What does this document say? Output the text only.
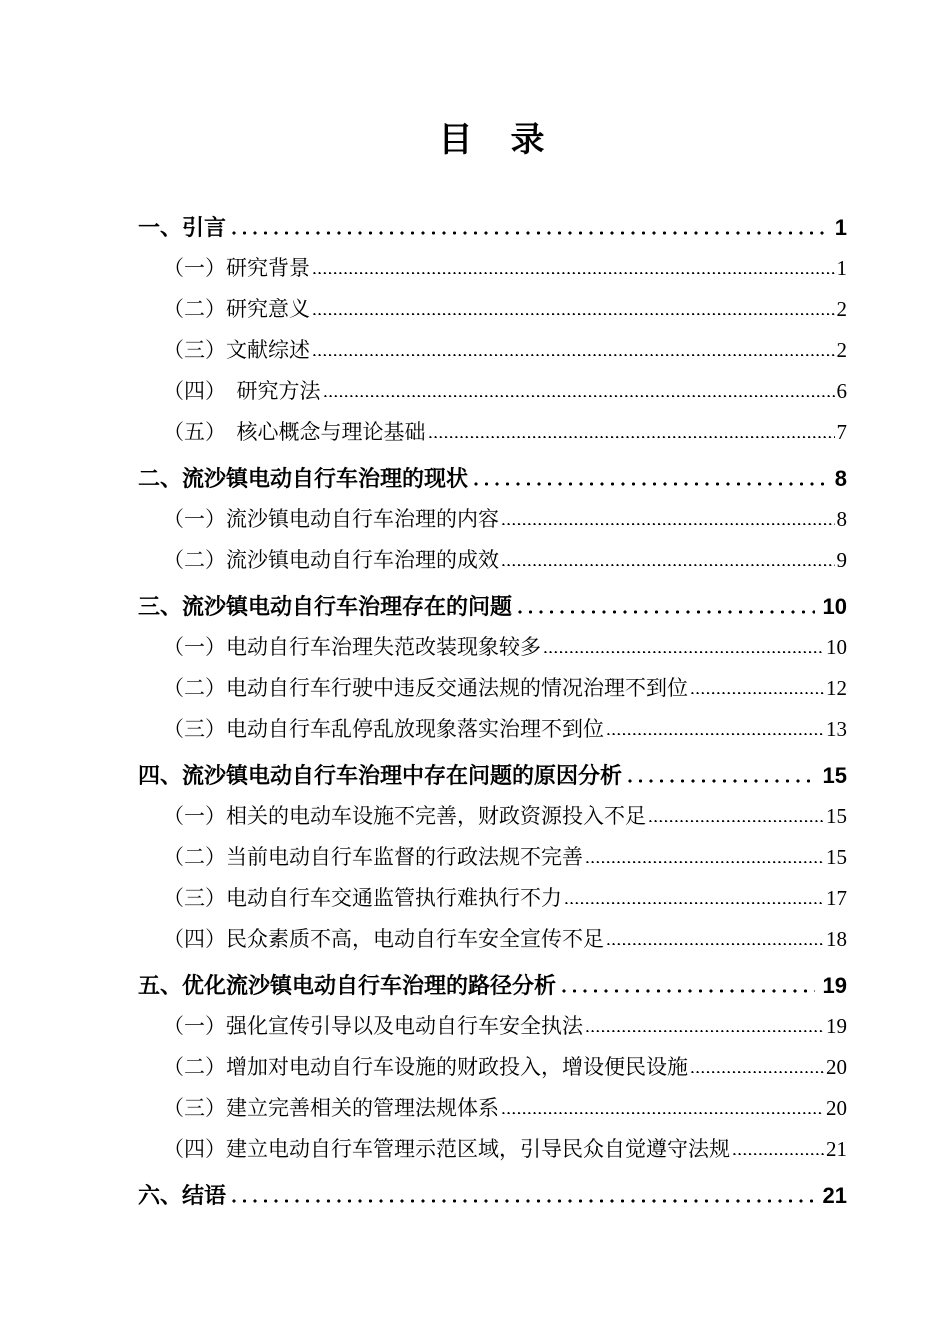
目　录
一、引言	1
（一）研究背景	1
（二）研究意义	2
（三）文献综述	2
（四）　研究方法	6
（五）　核心概念与理论基础	7
二、流沙镇电动自行车治理的现状	8
（一）流沙镇电动自行车治理的内容	8
（二）流沙镇电动自行车治理的成效	9
三、流沙镇电动自行车治理存在的问题	10
（一）电动自行车治理失范改装现象较多	10
（二）电动自行车行驶中违反交通法规的情况治理不到位	12
（三）电动自行车乱停乱放现象落实治理不到位	13
四、流沙镇电动自行车治理中存在问题的原因分析	15
（一）相关的电动车设施不完善，财政资源投入不足	15
（二）当前电动自行车监督的行政法规不完善	15
（三）电动自行车交通监管执行难执行不力	17
（四）民众素质不高，电动自行车安全宣传不足	18
五、优化流沙镇电动自行车治理的路径分析	19
（一）强化宣传引导以及电动自行车安全执法	19
（二）增加对电动自行车设施的财政投入，增设便民设施	20
（三）建立完善相关的管理法规体系	20
（四）建立电动自行车管理示范区域，引导民众自觉遵守法规	21
六、结语	21
